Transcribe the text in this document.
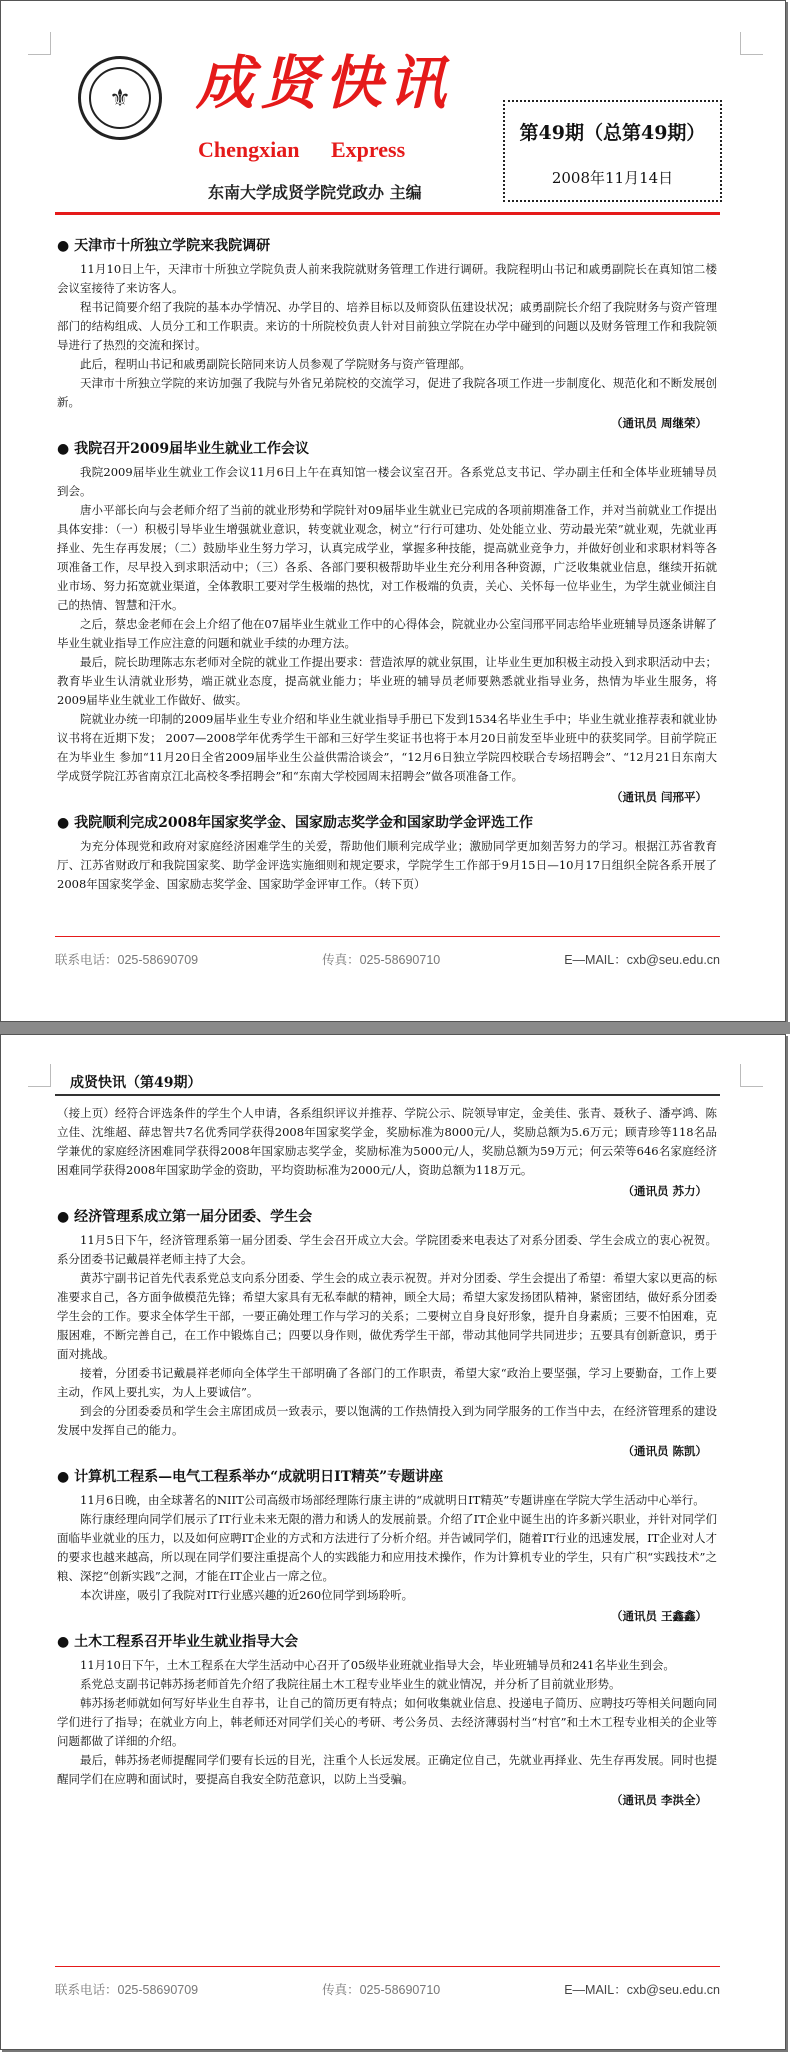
⚜	成贤快讯
Chengxian Express
东南大学成贤学院党政办 主编
第49期（总第49期）
2008年11月14日
● 天津市十所独立学院来我院调研

11月10日上午，天津市十所独立学院负责人前来我院就财务管理工作进行调研。我院程明山书记和戚勇副院长在真知馆二楼会议室接待了来访客人。

程书记简要介绍了我院的基本办学情况、办学目的、培养目标以及师资队伍建设状况；戚勇副院长介绍了我院财务与资产管理部门的结构组成、人员分工和工作职责。来访的十所院校负责人针对目前独立学院在办学中碰到的问题以及财务管理工作和我院领导进行了热烈的交流和探讨。

此后，程明山书记和戚勇副院长陪同来访人员参观了学院财务与资产管理部。

天津市十所独立学院的来访加强了我院与外省兄弟院校的交流学习，促进了我院各项工作进一步制度化、规范化和不断发展创新。

（通讯员 周继荣）
● 我院召开2009届毕业生就业工作会议

我院2009届毕业生就业工作会议11月6日上午在真知馆一楼会议室召开。各系党总支书记、学办副主任和全体毕业班辅导员到会。

唐小平部长向与会老师介绍了当前的就业形势和学院针对09届毕业生就业已完成的各项前期准备工作，并对当前就业工作提出具体安排：（一）积极引导毕业生增强就业意识，转变就业观念，树立“行行可建功、处处能立业、劳动最光荣”就业观，先就业再择业、先生存再发展；（二）鼓励毕业生努力学习，认真完成学业，掌握多种技能，提高就业竞争力，并做好创业和求职材料等各项准备工作，尽早投入到求职活动中；（三）各系、各部门要积极帮助毕业生充分利用各种资源，广泛收集就业信息，继续开拓就业市场、努力拓宽就业渠道，全体教职工要对学生极端的热忱，对工作极端的负责，关心、关怀每一位毕业生，为学生就业倾注自己的热情、智慧和汗水。

之后，蔡忠金老师在会上介绍了他在07届毕业生就业工作中的心得体会，院就业办公室闫邢平同志给毕业班辅导员逐条讲解了毕业生就业指导工作应注意的问题和就业手续的办理方法。

最后，院长助理陈志东老师对全院的就业工作提出要求：营造浓厚的就业氛围，让毕业生更加积极主动投入到求职活动中去；教育毕业生认清就业形势，端正就业态度，提高就业能力；毕业班的辅导员老师要熟悉就业指导业务，热情为毕业生服务，将2009届毕业生就业工作做好、做实。

院就业办统一印制的2009届毕业生专业介绍和毕业生就业指导手册已下发到1534名毕业生手中；毕业生就业推荐表和就业协议书将在近期下发； 2007—2008学年优秀学生干部和三好学生奖证书也将于本月20日前发至毕业班中的获奖同学。目前学院正在为毕业生 参加“11月20日全省2009届毕业生公益供需洽谈会”，“12月6日独立学院四校联合专场招聘会”、“12月21日东南大学成贤学院江苏省南京江北高校冬季招聘会”和“东南大学校园周末招聘会”做各项准备工作。

（通讯员 闫邢平）
● 我院顺利完成2008年国家奖学金、国家励志奖学金和国家助学金评选工作

为充分体现党和政府对家庭经济困难学生的关爱，帮助他们顺利完成学业；激励同学更加刻苦努力的学习。根据江苏省教育厅、江苏省财政厅和我院国家奖、助学金评选实施细则和规定要求，学院学生工作部于9月15日—10月17日组织全院各系开展了2008年国家奖学金、国家励志奖学金、国家助学金评审工作。（转下页）

联系电话：025-58690709	传真：025-58690710	E—MAIL：cxb@seu.edu.cn
成贤快讯（第49期）

（接上页）经符合评选条件的学生个人申请，各系组织评议并推荐、学院公示、院领导审定，金美佳、张青、聂秋子、潘亭鸿、陈立佳、沈维超、薛忠智共7名优秀同学获得2008年国家奖学金，奖励标准为8000元/人，奖励总额为5.6万元；顾青珍等118名品学兼优的家庭经济困难同学获得2008年国家励志奖学金，奖励标准为5000元/人，奖励总额为59万元；何云荣等646名家庭经济困难同学获得2008年国家助学金的资助，平均资助标准为2000元/人，资助总额为118万元。

（通讯员 苏力）
● 经济管理系成立第一届分团委、学生会

11月5日下午，经济管理系第一届分团委、学生会召开成立大会。学院团委来电表达了对系分团委、学生会成立的衷心祝贺。系分团委书记戴晨祥老师主持了大会。

黄苏宁副书记首先代表系党总支向系分团委、学生会的成立表示祝贺。并对分团委、学生会提出了希望：希望大家以更高的标准要求自己，各方面争做模范先锋；希望大家具有无私奉献的精神，顾全大局；希望大家发扬团队精神，紧密团结，做好系分团委学生会的工作。要求全体学生干部，一要正确处理工作与学习的关系；二要树立自身良好形象，提升自身素质；三要不怕困难，克服困难，不断完善自己，在工作中锻炼自己；四要以身作则，做优秀学生干部，带动其他同学共同进步；五要具有创新意识，勇于面对挑战。

接着，分团委书记戴晨祥老师向全体学生干部明确了各部门的工作职责，希望大家“政治上要坚强，学习上要勤奋，工作上要主动，作风上要扎实，为人上要诚信”。

到会的分团委委员和学生会主席团成员一致表示，要以饱满的工作热情投入到为同学服务的工作当中去，在经济管理系的建设发展中发挥自己的能力。

（通讯员 陈凯）
● 计算机工程系—电气工程系举办“成就明日IT精英”专题讲座

11月6日晚，由全球著名的NIIT公司高级市场部经理陈行康主讲的“成就明日IT精英”专题讲座在学院大学生活动中心举行。

陈行康经理向同学们展示了IT行业未来无限的潜力和诱人的发展前景。介绍了IT企业中诞生出的许多新兴职业，并针对同学们面临毕业就业的压力，以及如何应聘IT企业的方式和方法进行了分析介绍。并告诫同学们，随着IT行业的迅速发展，IT企业对人才的要求也越来越高，所以现在同学们要注重提高个人的实践能力和应用技术操作，作为计算机专业的学生，只有广积“实践技术”之粮、深挖“创新实践”之洞，才能在IT企业占一席之位。

本次讲座，吸引了我院对IT行业感兴趣的近260位同学到场聆听。

（通讯员 王鑫鑫）
● 土木工程系召开毕业生就业指导大会

11月10日下午，土木工程系在大学生活动中心召开了05级毕业班就业指导大会，毕业班辅导员和241名毕业生到会。

系党总支副书记韩苏扬老师首先介绍了我院往届土木工程专业毕业生的就业情况，并分析了目前就业形势。

韩苏扬老师就如何写好毕业生自荐书，让自己的简历更有特点；如何收集就业信息、投递电子简历、应聘技巧等相关问题向同学们进行了指导；在就业方向上，韩老师还对同学们关心的考研、考公务员、去经济薄弱村当“村官”和土木工程专业相关的企业等问题都做了详细的介绍。

最后，韩苏扬老师提醒同学们要有长远的目光，注重个人长远发展。正确定位自己，先就业再择业、先生存再发展。同时也提醒同学们在应聘和面试时，要提高自我安全防范意识，以防上当受骗。

（通讯员 李洪全）
联系电话：025-58690709	传真：025-58690710	E—MAIL：cxb@seu.edu.cn
